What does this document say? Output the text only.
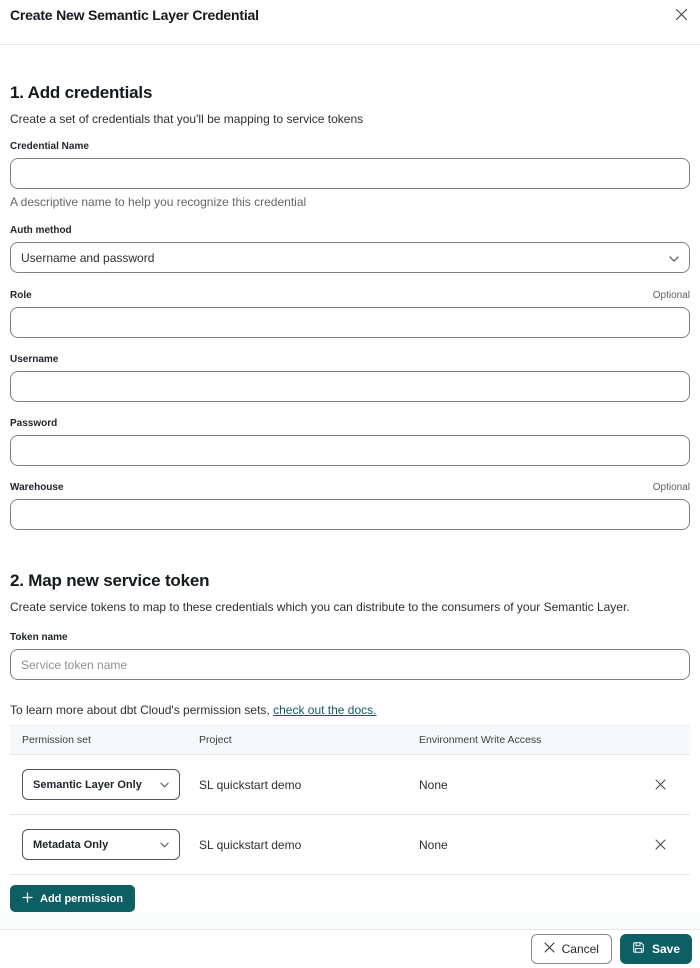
Create New Semantic Layer Credential
1. Add credentials
Create a set of credentials that you'll be mapping to service tokens
Credential Name
A descriptive name to help you recognize this credential
Auth method
Username and password
Role	Optional
Username
Password
Warehouse	Optional
2. Map new service token
Create service tokens to map to these credentials which you can distribute to the consumers of your Semantic Layer.
Token name
Service token name
To learn more about dbt Cloud's permission sets, check out the docs.
Permission set	Project	Environment Write Access
Semantic Layer Only	SL quickstart demo	None
Metadata Only	SL quickstart demo	None
Add permission
Cancel	Save
